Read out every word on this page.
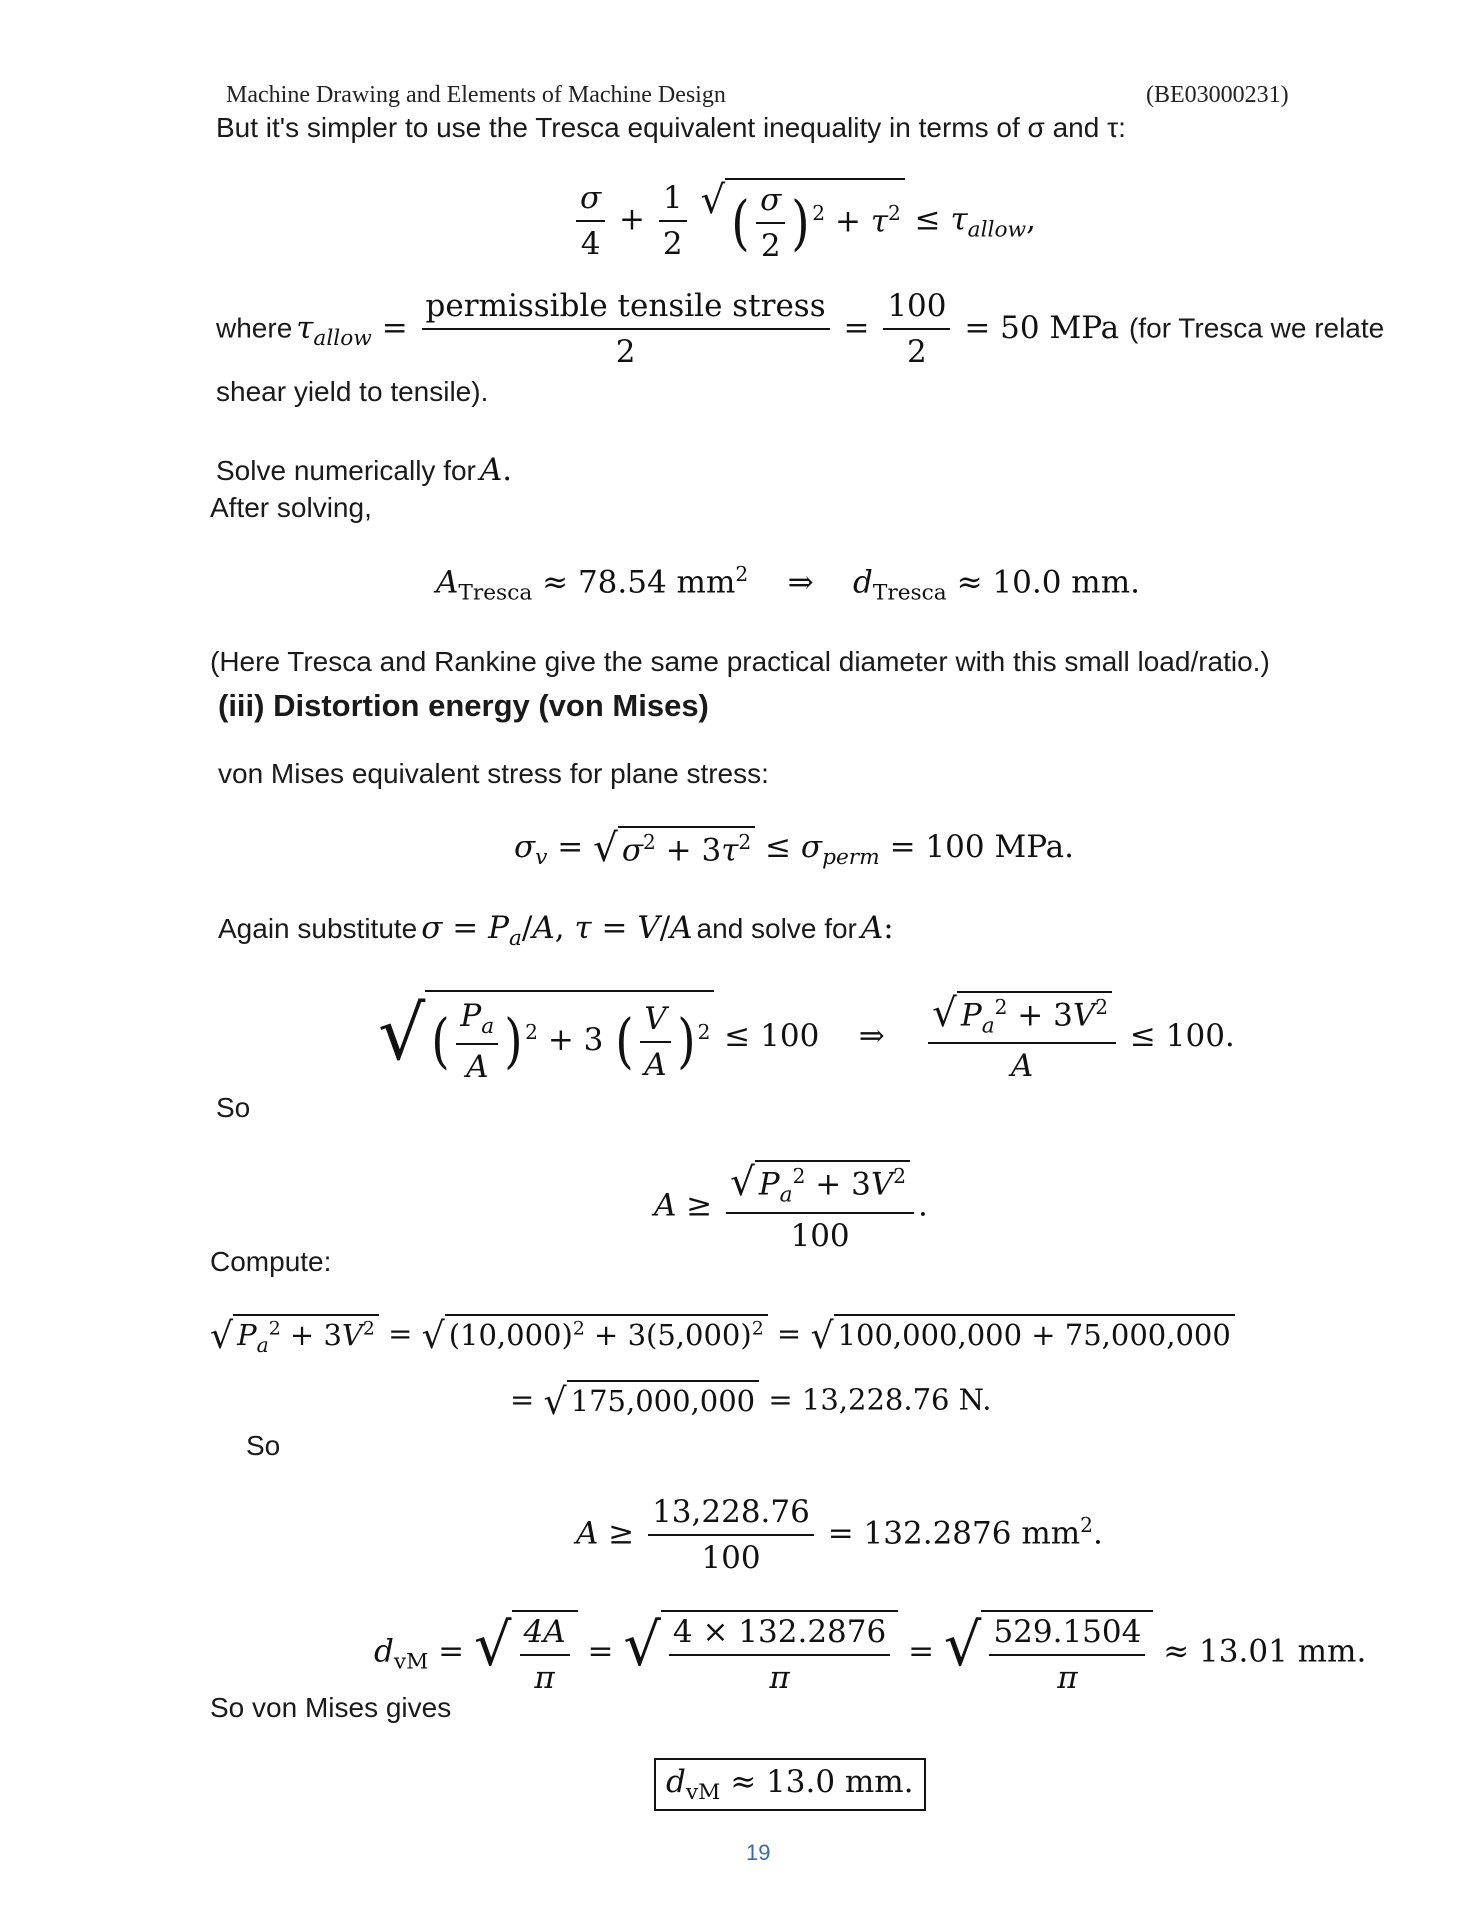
Machine Drawing and Elements of Machine Design	(BE03000231)
But it's simpler to use the Tresca equivalent inequality in terms of σ and τ:
$\frac{\sigma}{4} + \frac{1}{2}$ √ ( $\frac{\sigma}{2}$ ) $^2 + \tau^2 \le \tau_{allow}$,
where $\tau_{allow} = \frac{\text{permissible tensile stress}}{2} = \frac{100}{2} = 50$ MPa (for Tresca we relate
shear yield to tensile).
Solve numerically for A.
After solving,
$A_{Tresca} \approx 78.54$ $mm^2$    ⇒    $d_{Tresca} \approx 10.0$ mm.
(Here Tresca and Rankine give the same practical diameter with this small load/ratio.)
(iii) Distortion energy (von Mises)
von Mises equivalent stress for plane stress:
$\sigma_v$ = √ $\sigma^2 + 3\tau^2 \le \sigma_{perm} = 100$ MPa.
Again substitute $\sigma = P_a/A$, τ = V/A and solve for A:
√ ( $\frac{P_a}{A}$ ) $^2$ + 3 ( $\frac{V}{A}$ ) $^2$ ≤ 100    ⇒ $\frac{√ P_a^2 + 3V^2}{A} \le 100$.
So
$A \ge \frac{√ P_a^2 + 3V^2}{100}$ .
Compute:
√ $P_a^2 + 3V^2$ = √ $(10,000)^2 + 3(5,000)^2$ = √ 100,000,000 + 75,000,000
= √ 175,000,000 = 13,228.76 N.
So
$A \ge \frac{13,228.76}{100} = 132.2876$ $mm^2$.
$d_{vM}$ = √ $\frac{4A}{\pi}$ = √ $\frac{4 \times 132.2876}{\pi}$ = √ $\frac{529.1504}{\pi} \approx 13.01$ mm.
So von Mises gives
$d_{vM} \approx 13.0$ mm.
19
